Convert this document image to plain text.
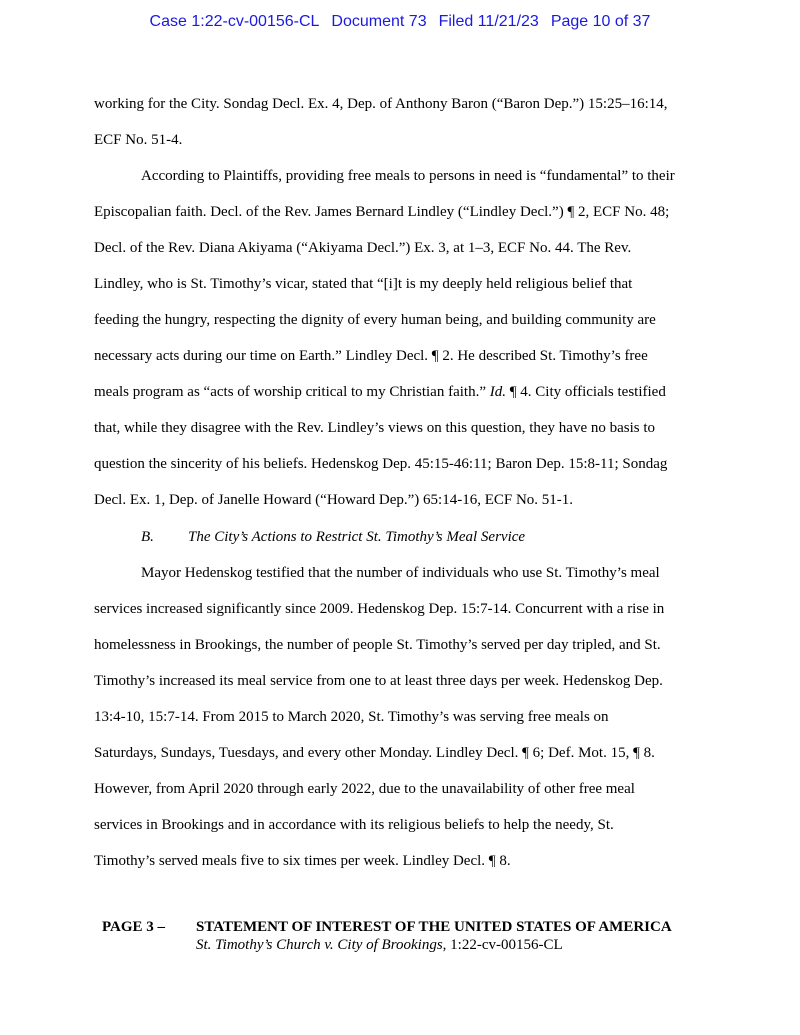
Case 1:22-cv-00156-CL Document 73 Filed 11/21/23 Page 10 of 37
working for the City. Sondag Decl. Ex. 4, Dep. of Anthony Baron (“Baron Dep.”) 15:25–16:14,
ECF No. 51-4.
According to Plaintiffs, providing free meals to persons in need is “fundamental” to their
Episcopalian faith. Decl. of the Rev. James Bernard Lindley (“Lindley Decl.”) ¶ 2, ECF No. 48;
Decl. of the Rev. Diana Akiyama (“Akiyama Decl.”) Ex. 3, at 1–3, ECF No. 44. The Rev.
Lindley, who is St. Timothy’s vicar, stated that “[i]t is my deeply held religious belief that
feeding the hungry, respecting the dignity of every human being, and building community are
necessary acts during our time on Earth.” Lindley Decl. ¶ 2. He described St. Timothy’s free
meals program as “acts of worship critical to my Christian faith.” Id. ¶ 4. City officials testified
that, while they disagree with the Rev. Lindley’s views on this question, they have no basis to
question the sincerity of his beliefs. Hedenskog Dep. 45:15-46:11; Baron Dep. 15:8-11; Sondag
Decl. Ex. 1, Dep. of Janelle Howard (“Howard Dep.”) 65:14-16, ECF No. 51-1.
B. The City’s Actions to Restrict St. Timothy’s Meal Service
Mayor Hedenskog testified that the number of individuals who use St. Timothy’s meal
services increased significantly since 2009. Hedenskog Dep. 15:7-14. Concurrent with a rise in
homelessness in Brookings, the number of people St. Timothy’s served per day tripled, and St.
Timothy’s increased its meal service from one to at least three days per week. Hedenskog Dep.
13:4-10, 15:7-14. From 2015 to March 2020, St. Timothy’s was serving free meals on
Saturdays, Sundays, Tuesdays, and every other Monday. Lindley Decl. ¶ 6; Def. Mot. 15, ¶ 8.
However, from April 2020 through early 2022, due to the unavailability of other free meal
services in Brookings and in accordance with its religious beliefs to help the needy, St.
Timothy’s served meals five to six times per week. Lindley Decl. ¶ 8.
PAGE 3 – STATEMENT OF INTEREST OF THE UNITED STATES OF AMERICA
St. Timothy’s Church v. City of Brookings, 1:22-cv-00156-CL
